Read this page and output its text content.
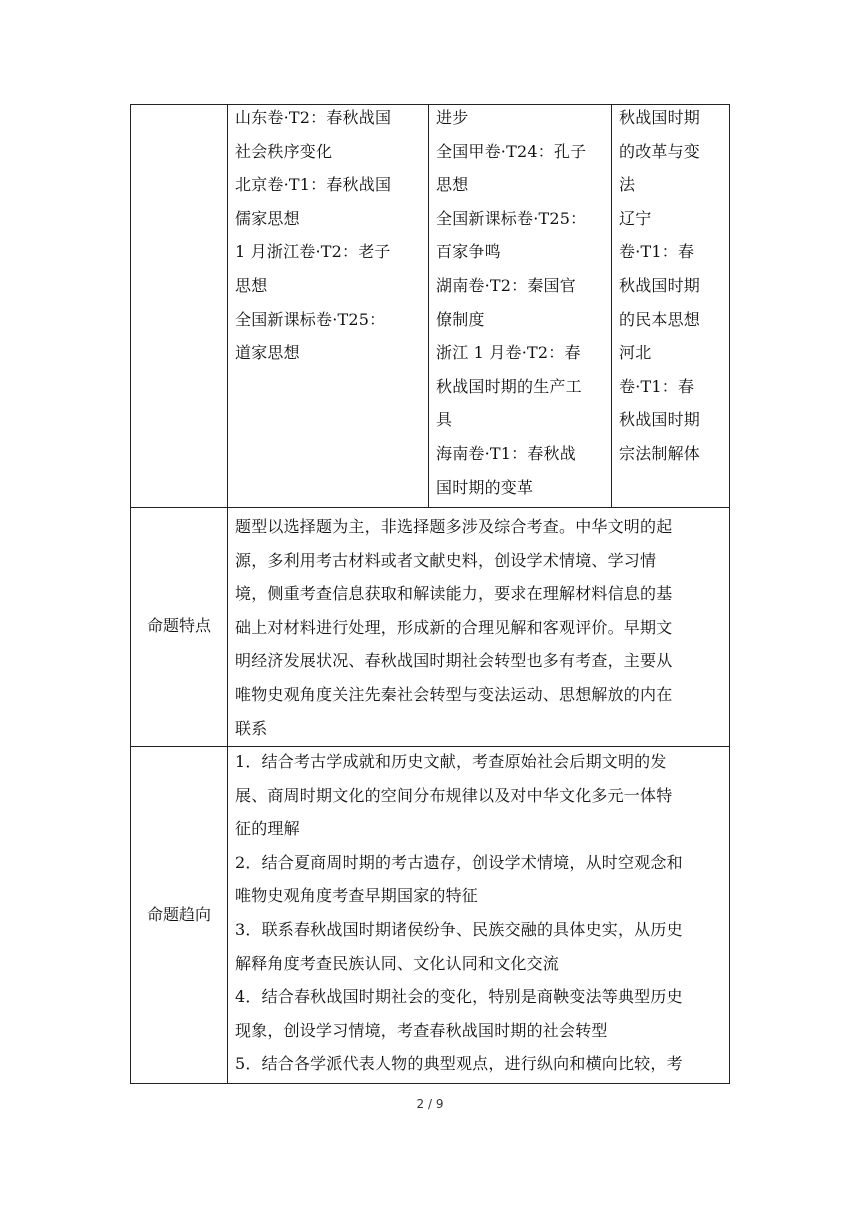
山东卷·T2：春秋战国

社会秩序变化

北京卷·T1：春秋战国

儒家思想

1 月浙江卷·T2：老子

思想

全国新课标卷·T25：

道家思想

进步

全国甲卷·T24：孔子

思想

全国新课标卷·T25：

百家争鸣

湖南卷·T2：秦国官

僚制度

浙江 1 月卷·T2：春

秋战国时期的生产工

具

海南卷·T1：春秋战

国时期的变革

秋战国时期

的改革与变

法

辽宁

卷·T1：春

秋战国时期

的民本思想

河北

卷·T1：春

秋战国时期

宗法制解体

命题特点

题型以选择题为主，非选择题多涉及综合考查。中华文明的起

源，多利用考古材料或者文献史料，创设学术情境、学习情

境，侧重考查信息获取和解读能力，要求在理解材料信息的基

础上对材料进行处理，形成新的合理见解和客观评价。早期文

明经济发展状况、春秋战国时期社会转型也多有考查，主要从

唯物史观角度关注先秦社会转型与变法运动、思想解放的内在

联系

命题趋向

1．结合考古学成就和历史文献，考查原始社会后期文明的发

展、商周时期文化的空间分布规律以及对中华文化多元一体特

征的理解

2．结合夏商周时期的考古遗存，创设学术情境，从时空观念和

唯物史观角度考查早期国家的特征

3．联系春秋战国时期诸侯纷争、民族交融的具体史实，从历史

解释角度考查民族认同、文化认同和文化交流

4．结合春秋战国时期社会的变化，特别是商鞅变法等典型历史

现象，创设学习情境，考查春秋战国时期的社会转型

5．结合各学派代表人物的典型观点，进行纵向和横向比较，考

2 / 9
